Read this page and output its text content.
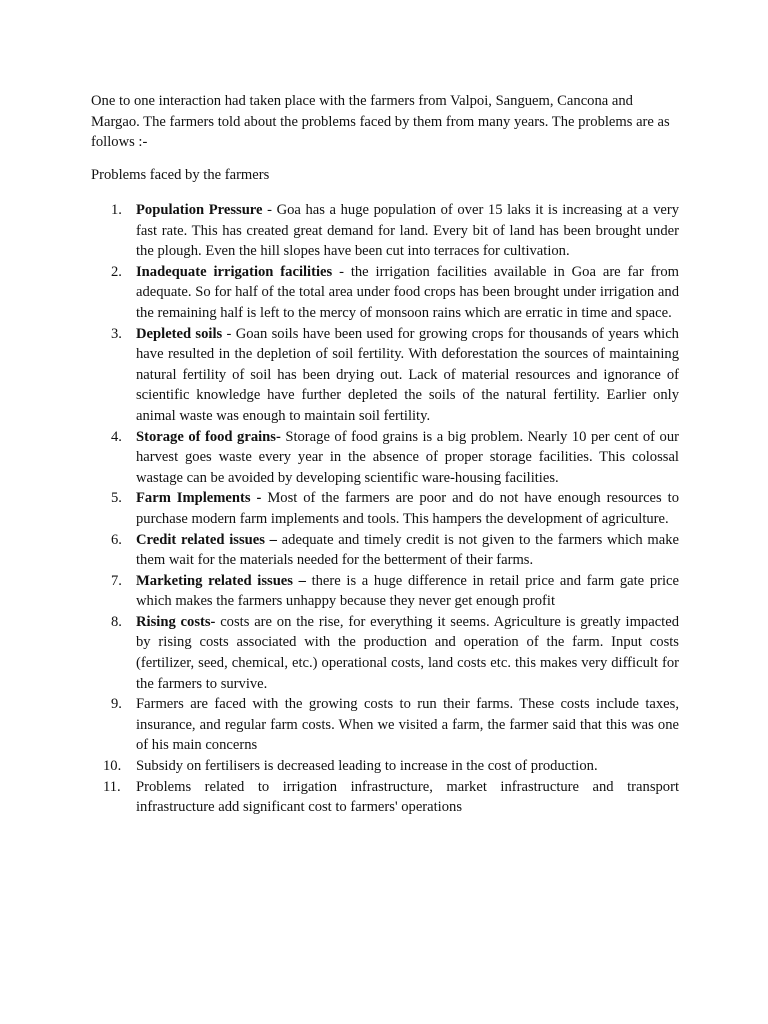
One to one interaction had taken place with the farmers from Valpoi, Sanguem, Cancona and Margao. The farmers told about the problems faced by them from many years. The problems are as follows :-

Problems faced by the farmers

1. Population Pressure - Goa has a huge population of over 15 laks it is increasing at a very fast rate. This has created great demand for land. Every bit of land has been brought under the plough. Even the hill slopes have been cut into terraces for cultivation.
2. Inadequate irrigation facilities - the irrigation facilities available in Goa are far from adequate. So for half of the total area under food crops has been brought under irrigation and the remaining half is left to the mercy of monsoon rains which are erratic in time and space.
3. Depleted soils - Goan soils have been used for growing crops for thousands of years which have resulted in the depletion of soil fertility. With deforestation the sources of maintaining natural fertility of soil has been drying out. Lack of material resources and ignorance of scientific knowledge have further depleted the soils of the natural fertility. Earlier only animal waste was enough to maintain soil fertility.
4. Storage of food grains- Storage of food grains is a big problem. Nearly 10 per cent of our harvest goes waste every year in the absence of proper storage facilities. This colossal wastage can be avoided by developing scientific ware-housing facilities.
5. Farm Implements - Most of the farmers are poor and do not have enough resources to purchase modern farm implements and tools. This hampers the development of agriculture.
6. Credit related issues – adequate and timely credit is not given to the farmers which make them wait for the materials needed for the betterment of their farms.
7. Marketing related issues – there is a huge difference in retail price and farm gate price which makes the farmers unhappy because they never get enough profit
8. Rising costs- costs are on the rise, for everything it seems. Agriculture is greatly impacted by rising costs associated with the production and operation of the farm. Input costs (fertilizer, seed, chemical, etc.) operational costs, land costs etc. this makes very difficult for the farmers to survive.
9. Farmers are faced with the growing costs to run their farms. These costs include taxes, insurance, and regular farm costs. When we visited a farm, the farmer said that this was one of his main concerns
10. Subsidy on fertilisers is decreased leading to increase in the cost of production.
11. Problems related to irrigation infrastructure, market infrastructure and transport infrastructure add significant cost to farmers' operations
